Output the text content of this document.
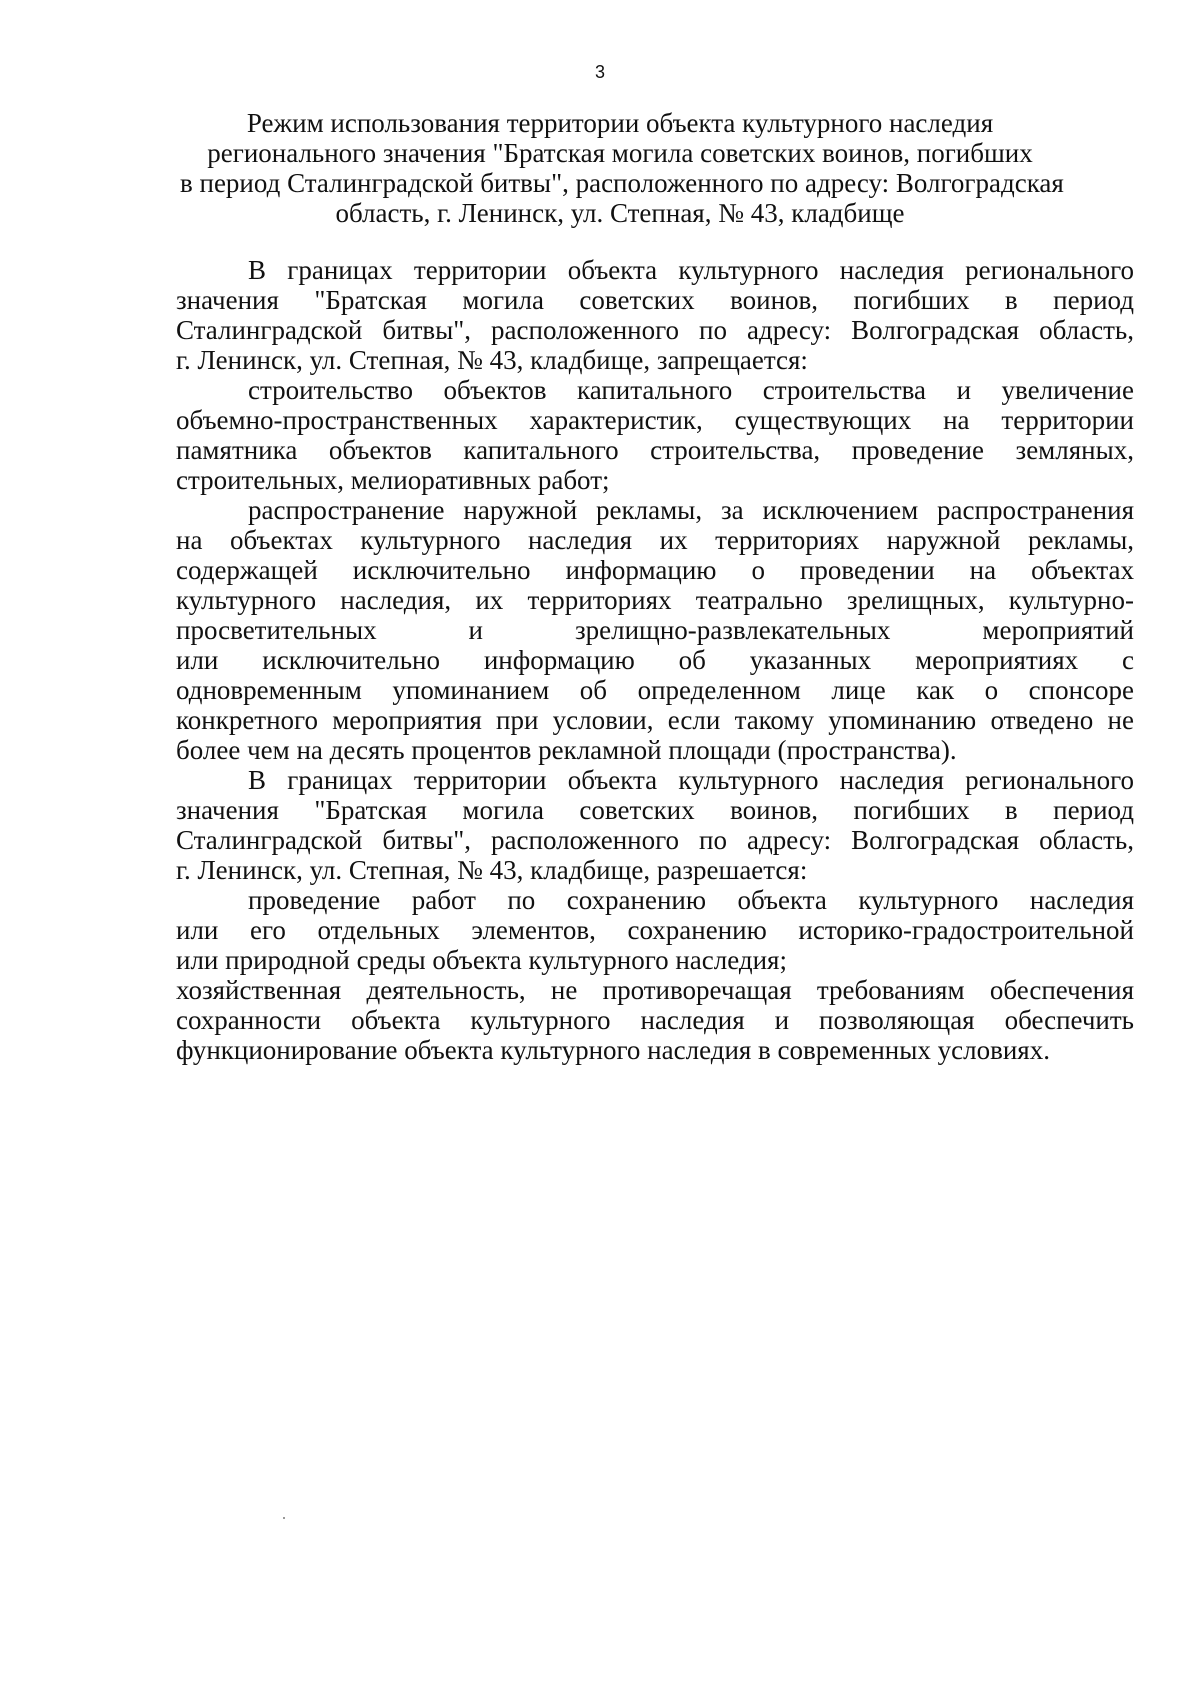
3
Режим использования территории объекта культурного наследия
регионального значения "Братская могила советских воинов, погибших
в период Сталинградской битвы", расположенного по адресу: Волгоградская
область, г. Ленинск, ул. Степная, № 43, кладбище
В границах территории объекта культурного наследия регионального
значения "Братская могила советских воинов, погибших в период
Сталинградской битвы", расположенного по адресу: Волгоградская область,
г. Ленинск, ул. Степная, № 43, кладбище, запрещается:
строительство объектов капитального строительства и увеличение
объемно-пространственных характеристик, существующих на территории
памятника объектов капитального строительства, проведение земляных,
строительных, мелиоративных работ;
распространение наружной рекламы, за исключением распространения
на объектах культурного наследия их территориях наружной рекламы,
содержащей исключительно информацию о проведении на объектах
культурного наследия, их территориях театрально зрелищных, культурно-
просветительных и зрелищно-развлекательных мероприятий
или исключительно информацию об указанных мероприятиях с
одновременным упоминанием об определенном лице как о спонсоре
конкретного мероприятия при условии, если такому упоминанию отведено не
более чем на десять процентов рекламной площади (пространства).
В границах территории объекта культурного наследия регионального
значения "Братская могила советских воинов, погибших в период
Сталинградской битвы", расположенного по адресу: Волгоградская область,
г. Ленинск, ул. Степная, № 43, кладбище, разрешается:
проведение работ по сохранению объекта культурного наследия
или его отдельных элементов, сохранению историко-градостроительной
или природной среды объекта культурного наследия;
хозяйственная деятельность, не противоречащая требованиям обеспечения
сохранности объекта культурного наследия и позволяющая обеспечить
функционирование объекта культурного наследия в современных условиях.
